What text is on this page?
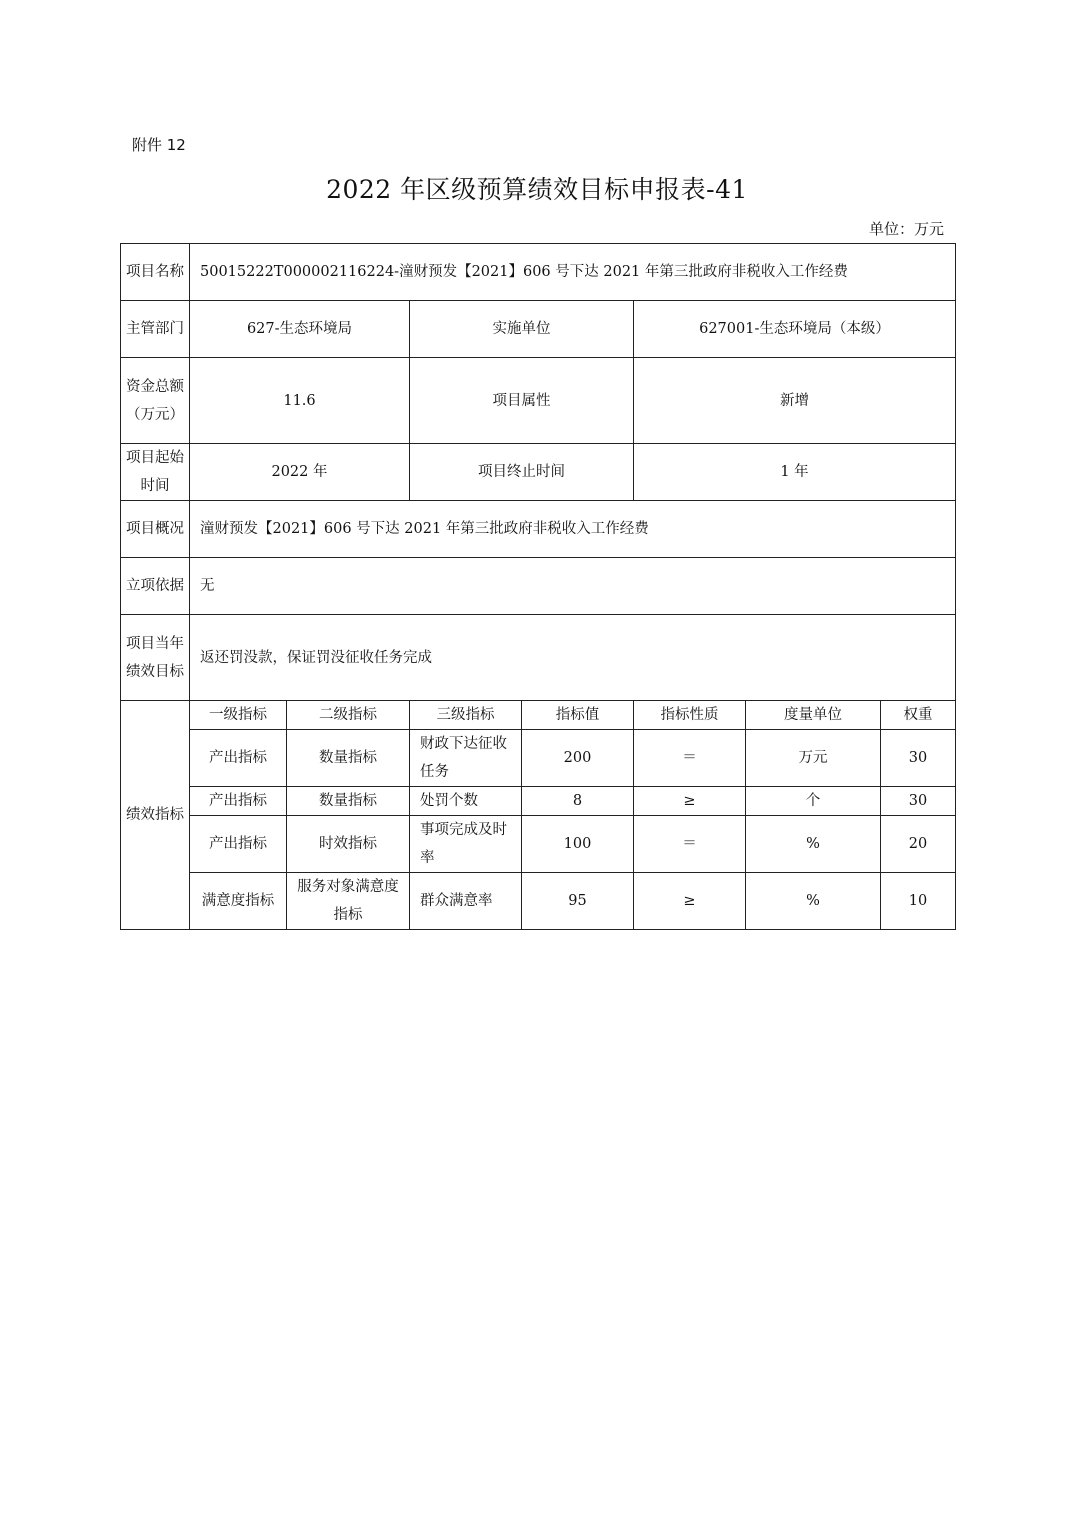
附件 12
2022 年区级预算绩效目标申报表-41
单位：万元
项目名称	50015222T000002116224-潼财预发【2021】606 号下达 2021 年第三批政府非税收入工作经费						
主管部门	627-生态环境局		实施单位		627001-生态环境局（本级）		
资金总额（万元）	11.6		项目属性		新增		
项目起始时间	2022 年		项目终止时间		1 年		
项目概况	潼财预发【2021】606 号下达 2021 年第三批政府非税收入工作经费						
立项依据	无						
项目当年绩效目标	返还罚没款，保证罚没征收任务完成						
绩效指标	一级指标	二级指标	三级指标	指标值	指标性质	度量单位	权重
	产出指标	数量指标	财政下达征收任务	200	＝	万元	30
	产出指标	数量指标	处罚个数	8	≥	个	30
	产出指标	时效指标	事项完成及时率	100	＝	%	20
	满意度指标	服务对象满意度指标	群众满意率	95	≥	%	10
